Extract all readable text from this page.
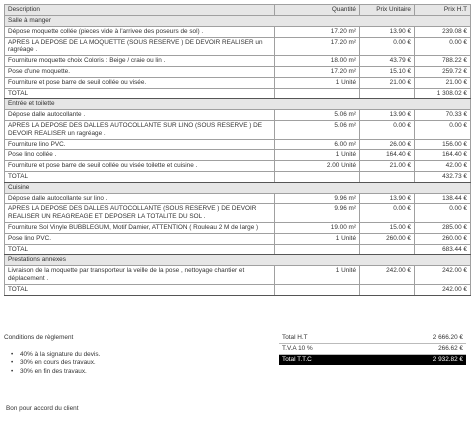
Description	Quantité	Prix Unitaire	Prix H.T
Salle à manger			
Dépose moquette collée (pieces vide à l'arrivee des poseurs de sol) .	17.20 m²	13.90 €	239.08 €
APRES LA DEPOSE DE LA MOQUETTE (SOUS RESERVE ) DE DEVOIR REALISER un ragréage .	17.20 m²	0.00 €	0.00 €
Fourniture moquette choix Coloris : Beige / craie ou lin .	18.00 m²	43.79 €	788.22 €
Pose d'une moquette.	17.20 m²	15.10 €	259.72 €
Fourniture et pose barre de seuil collée ou visée.	1 Unité	21.00 €	21.00 €
TOTAL			1 308.02 €
Entrée et toilette			
Dépose dalle autocollante .	5.06 m²	13.90 €	70.33 €
APRES LA DEPOSE DES DALLES AUTOCOLLANTE SUR LINO (SOUS RESERVE ) DE DEVOIR REALISER un ragréage .	5.06 m²	0.00 €	0.00 €
Fourniture lino PVC.	6.00 m²	26.00 €	156.00 €
Pose lino collée .	1 Unité	164.40 €	164.40 €
Fourniture et pose barre de seuil collée ou visée toilette et cuisine .	2.00 Unité	21.00 €	42.00 €
TOTAL			432.73 €
Cuisine			
Dépose dalle autocollante sur lino .	9.96 m²	13.90 €	138.44 €
APRES LA DEPOSE DES DALLES AUTOCOLLANTE (SOUS RESERVE ) DE DEVOIR REALISER UN REAGREAGE ET DEPOSER LA TOTALITE DU SOL .	9.96 m²	0.00 €	0.00 €
Fourniture Sol Vinyle BUBBLEGUM, Motif Damier, ATTENTION ( Rouleau 2 M de large )	19.00 m²	15.00 €	285.00 €
Pose lino PVC.	1 Unité	260.00 €	260.00 €
TOTAL			683.44 €
Prestations annexes			
Livraison de la moquette par transporteur la veille de la pose , nettoyage chantier et déplacement .	1 Unité	242.00 €	242.00 €
TOTAL			242.00 €
Conditions de règlement
• 40% à la signature du devis.
• 30% en cours des travaux.
• 30% en fin des travaux.
Total H.T	2 666.20 €
T.V.A 10 %	266.62 €
Total T.T.C	2 932.82 €
Bon pour accord du client
